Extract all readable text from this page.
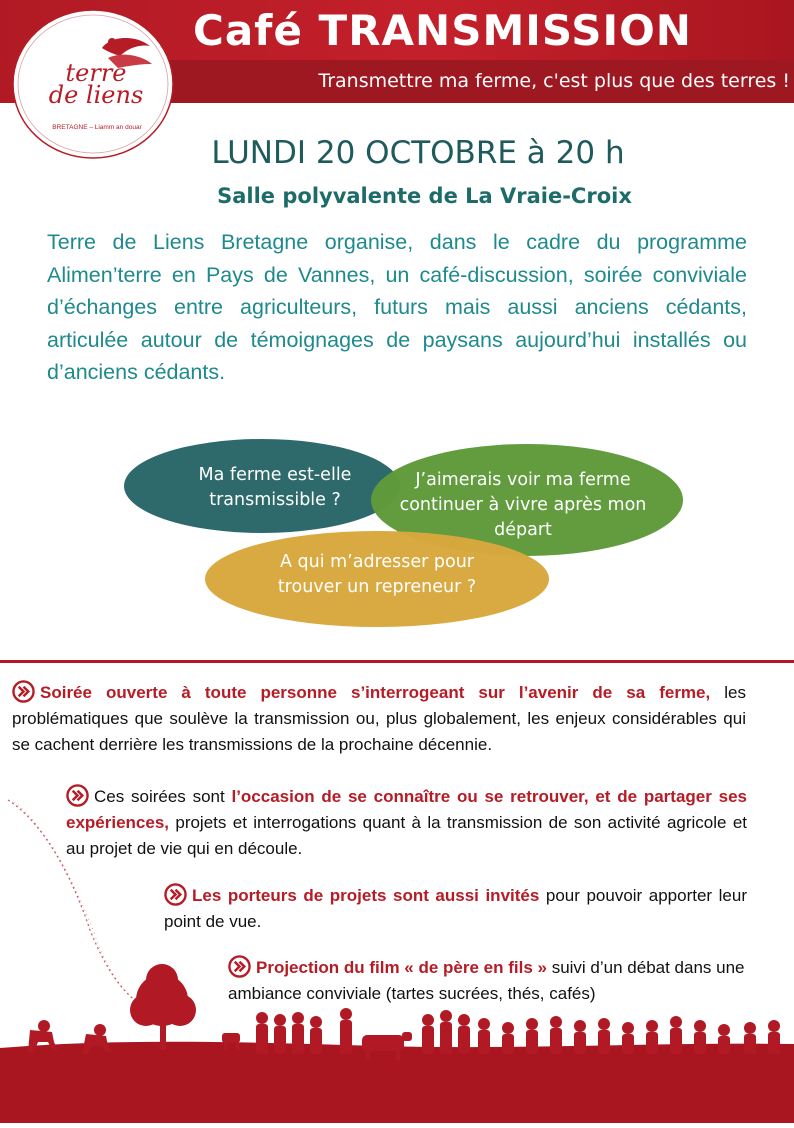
Café TRANSMISSION

Transmettre ma ferme, c'est plus que des terres !

terre
de liens
BRETAGNE – Liamm an douar
LUNDI 20 OCTOBRE à 20 h
Salle polyvalente de La Vraie-Croix

Terre de Liens Bretagne organise, dans le cadre du programme Alimen’terre en Pays de Vannes, un café-discussion, soirée conviviale d’échanges entre agriculteurs, futurs mais aussi anciens cédants, articulée autour de témoignages de paysans aujourd’hui installés ou d’anciens cédants.

Ma ferme est-elle transmissible ?
J’aimerais voir ma ferme continuer à vivre après mon départ
A qui m’adresser pour trouver un repreneur ?

Soirée ouverte à toute personne s’interrogeant sur l’avenir de sa ferme, les problématiques que soulève la transmission ou, plus globalement, les enjeux considérables qui se cachent derrière les transmissions de la prochaine décennie.

Ces soirées sont l’occasion de se connaître ou se retrouver, et de partager ses expériences, projets et interrogations quant à la transmission de son activité agricole et au projet de vie qui en découle.

Les porteurs de projets sont aussi invités pour pouvoir apporter leur point de vue.

Projection du film « de père en fils » suivi d’un débat dans une ambiance conviviale (tartes sucrées, thés, cafés)
